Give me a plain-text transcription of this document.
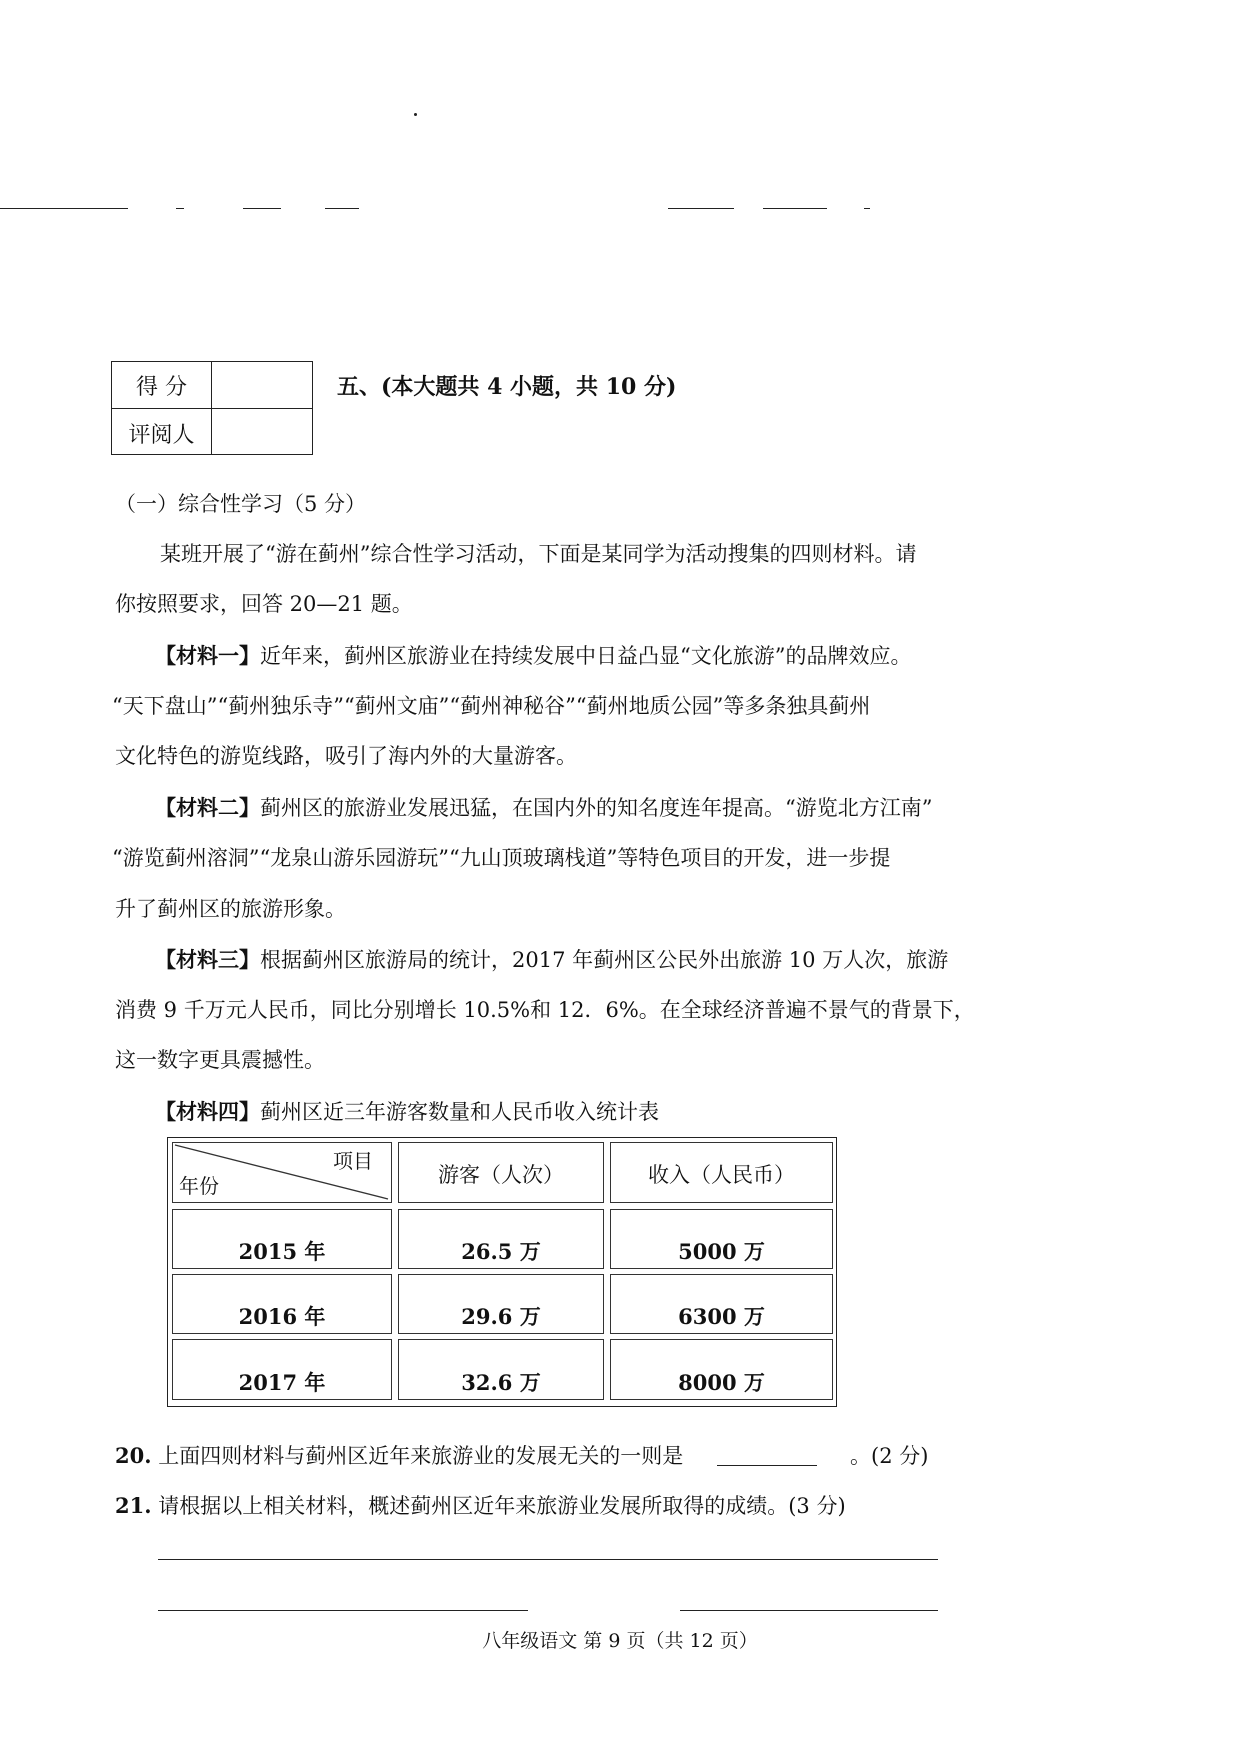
得 分
评阅人
五、(本大题共 4 小题，共 10 分)
（一）综合性学习（5 分）
某班开展了“游在蓟州”综合性学习活动，下面是某同学为活动搜集的四则材料。请
你按照要求，回答 20—21 题。
【材料一】近年来，蓟州区旅游业在持续发展中日益凸显“文化旅游”的品牌效应。
“天下盘山”“蓟州独乐寺”“蓟州文庙”“蓟州神秘谷”“蓟州地质公园”等多条独具蓟州
文化特色的游览线路，吸引了海内外的大量游客。
【材料二】蓟州区的旅游业发展迅猛，在国内外的知名度连年提高。“游览北方江南”
“游览蓟州溶洞”“龙泉山游乐园游玩”“九山顶玻璃栈道”等特色项目的开发，进一步提
升了蓟州区的旅游形象。
【材料三】根据蓟州区旅游局的统计，2017 年蓟州区公民外出旅游 10 万人次，旅游
消费 9 千万元人民币，同比分别增长 10.5%和 12．6%。在全球经济普遍不景气的背景下，
这一数字更具震撼性。
【材料四】蓟州区近三年游客数量和人民币收入统计表
项目
年份	游客（人次）	收入（人民币）
2015 年	26.5 万	5000 万
2016 年	29.6 万	6300 万
2017 年	32.6 万	8000 万
20. 上面四则材料与蓟州区近年来旅游业的发展无关的一则是	。(2 分)
21. 请根据以上相关材料，概述蓟州区近年来旅游业发展所取得的成绩。(3 分)
八年级语文 第 9 页（共 12 页）
